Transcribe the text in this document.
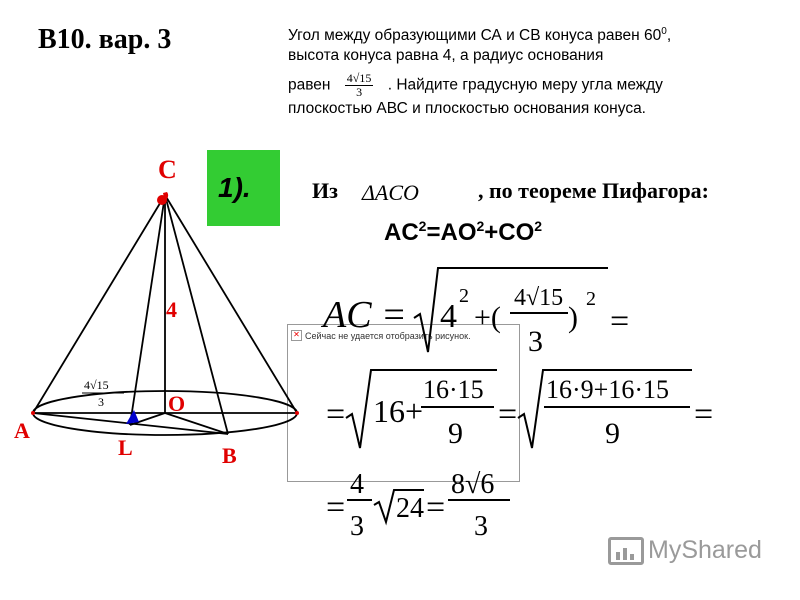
В10. вар. 3	Угол между образующими СА и СВ конуса равен $60^0$,
высота конуса равна 4, а радиус основания
равен $\frac{4√15}{3}$ . Найдите градусную меру угла между
плоскостью АВС и плоскостью основания конуса.
1).	Из ΔACO	, по теореме Пифагора:
$AC^2=AO^2+CO^2$
✕ Сейчас не удается отобразить рисунок.
C
A
B
L
O
4
4√15
3
AC = 4
2
+(
4√15
3
)
2
=
= 16+
16·15
9
=
16·9+16·15
9
=
=
4
3
24 =
8√6
3
MyShared
